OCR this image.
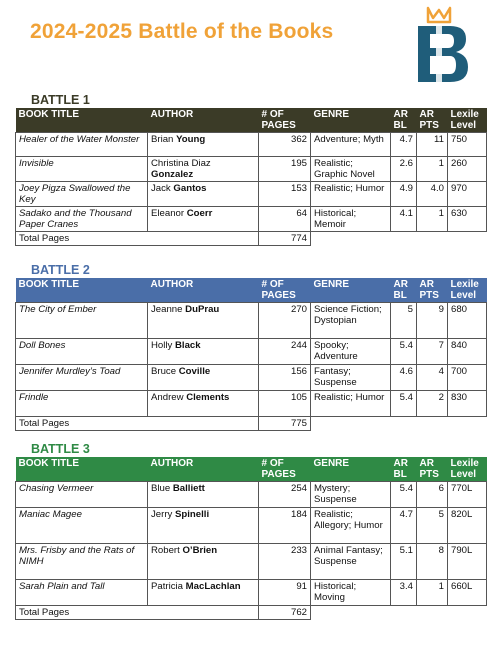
2024-2025 Battle of the Books
BATTLE 1
BOOK TITLE	AUTHOR	# OF PAGES	GENRE	AR BL	AR PTS	Lexile Level
Healer of the Water Monster	Brian Young	362	Adventure; Myth	4.7	11	750
Invisible	Christina Diaz Gonzalez	195	Realistic; Graphic Novel	2.6	1	260
Joey Pigza Swallowed the Key	Jack Gantos	153	Realistic; Humor	4.9	4.0	970
Sadako and the Thousand Paper Cranes	Eleanor Coerr	64	Historical; Memoir	4.1	1	630
Total Pages		774				
BATTLE 2
BOOK TITLE	AUTHOR	# OF PAGES	GENRE	AR BL	AR PTS	Lexile Level
The City of Ember	Jeanne DuPrau	270	Science Fiction; Dystopian	5	9	680
Doll Bones	Holly Black	244	Spooky; Adventure	5.4	7	840
Jennifer Murdley’s Toad	Bruce Coville	156	Fantasy; Suspense	4.6	4	700
Frindle	Andrew Clements	105	Realistic; Humor	5.4	2	830
Total Pages		775				
BATTLE 3
BOOK TITLE	AUTHOR	# OF PAGES	GENRE	AR BL	AR PTS	Lexile Level
Chasing Vermeer	Blue Balliett	254	Mystery; Suspense	5.4	6	770L
Maniac Magee	Jerry Spinelli	184	Realistic; Allegory; Humor	4.7	5	820L
Mrs. Frisby and the Rats of NIMH	Robert O’Brien	233	Animal Fantasy; Suspense	5.1	8	790L
Sarah Plain and Tall	Patricia MacLachlan	91	Historical; Moving	3.4	1	660L
Total Pages		762				
